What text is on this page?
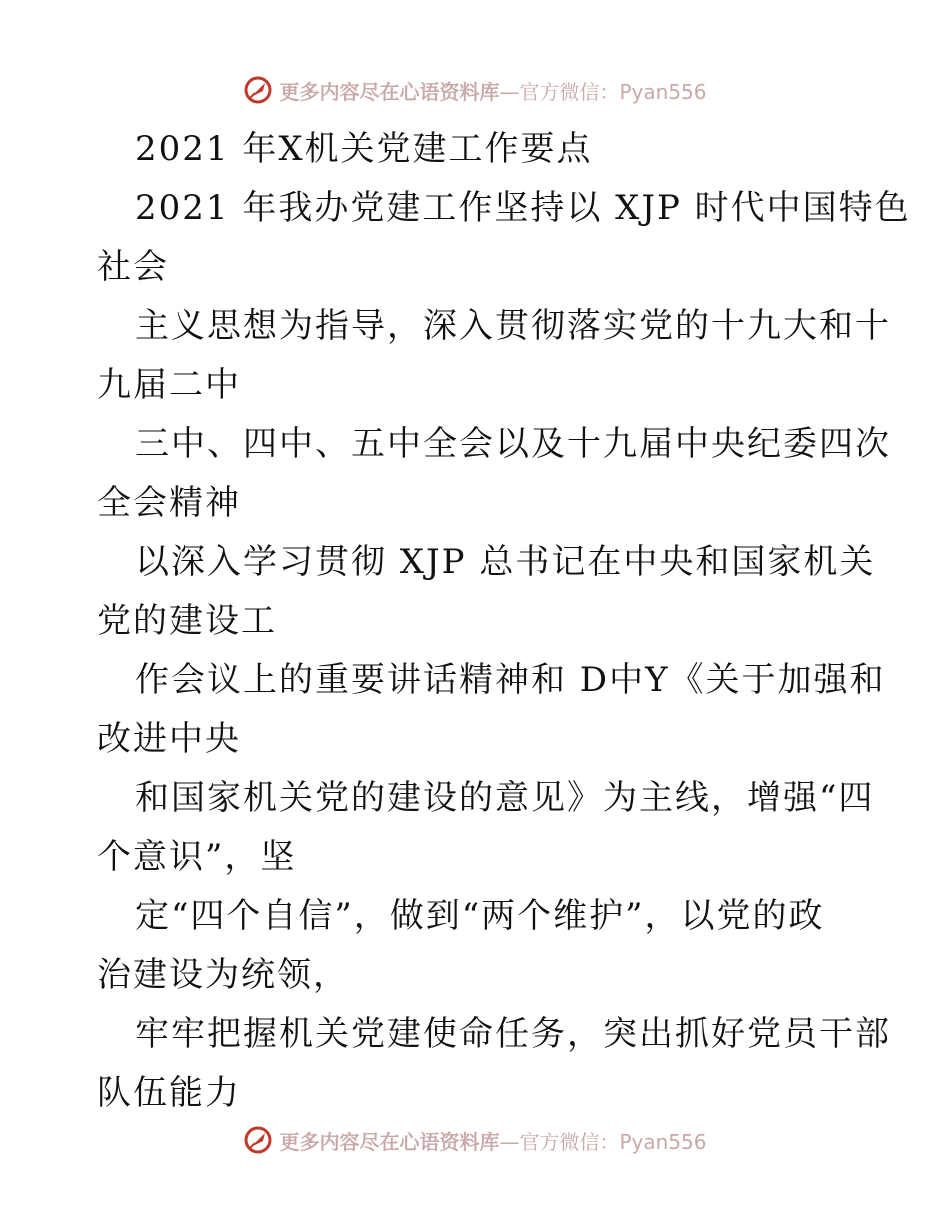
更多内容尽在心语资料库—官方微信：Pyan556
2021 年X机关党建工作要点
2021 年我办党建工作坚持以 XJP 时代中国特色
社会
主义思想为指导，深入贯彻落实党的十九大和十
九届二中
三中、四中、五中全会以及十九届中央纪委四次
全会精神
以深入学习贯彻 XJP 总书记在中央和国家机关
党的建设工
作会议上的重要讲话精神和 D中Y《关于加强和
改进中央
和国家机关党的建设的意见》为主线，增强“四
个意识”，坚
定“四个自信”，做到“两个维护”，以党的政
治建设为统领，
牢牢把握机关党建使命任务，突出抓好党员干部
队伍能力
更多内容尽在心语资料库—官方微信：Pyan556
